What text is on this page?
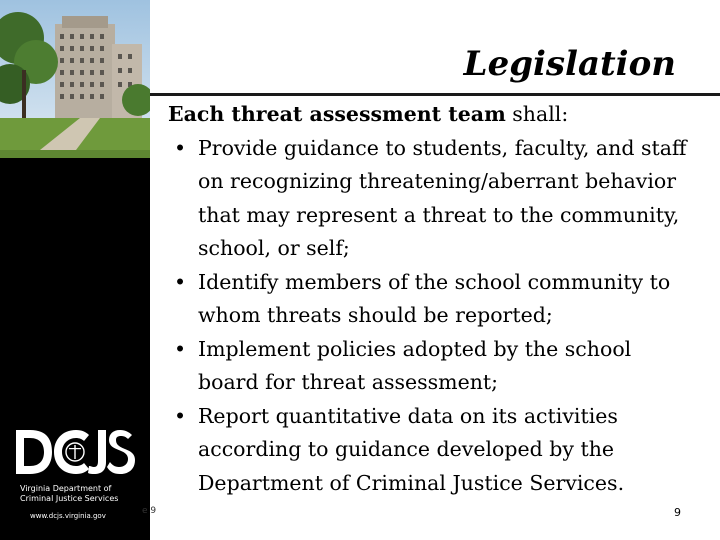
Virginia Department of
Criminal Justice Services
www.dcjs.virginia.gov	e 9
Legislation
Each threat assessment team shall:
• Provide guidance to students, faculty, and staff on recognizing threatening/aberrant behavior that may represent a threat to the community, school, or self;
• Identify members of the school community to whom threats should be reported;
• Implement policies adopted by the school board for threat assessment;
• Report quantitative data on its activities according to guidance developed by the Department of Criminal Justice Services.
9
